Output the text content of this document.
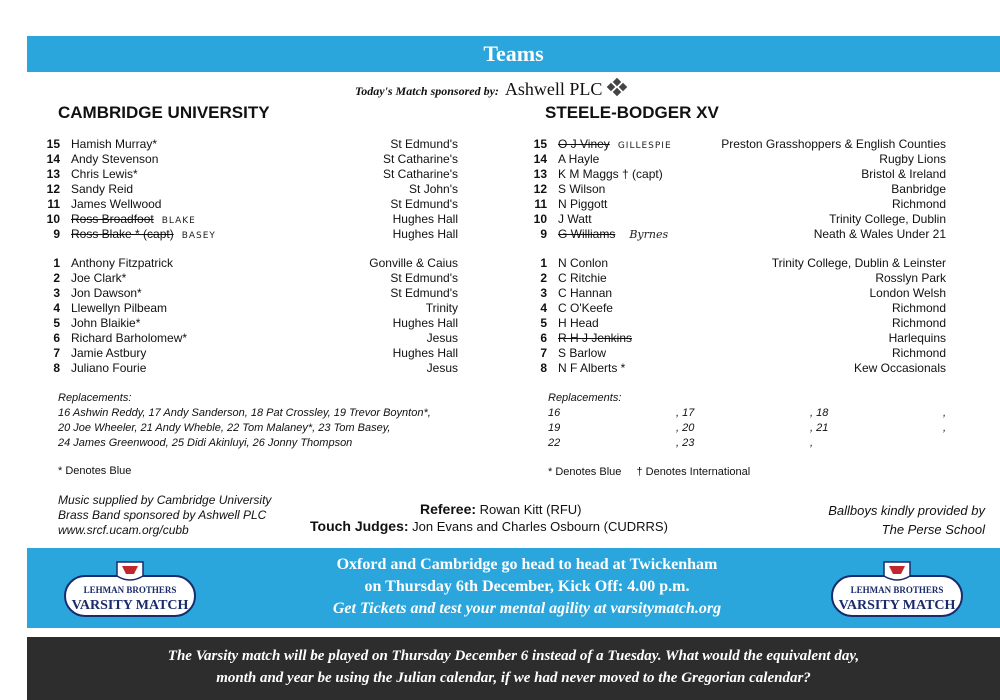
Teams
Today's Match sponsored by: Ashwell PLC
CAMBRIDGE UNIVERSITY	STEELE-BODGER XV
15 Hamish Murray*	St Edmund's
14 Andy Stevenson	St Catharine's
13 Chris Lewis*	St Catharine's
12 Sandy Reid	St John's
11 James Wellwood	St Edmund's
10 Ross Broadfoot BLAKE	Hughes Hall
9 Ross Blake * (capt) BASEY	Hughes Hall
1 Anthony Fitzpatrick	Gonville & Caius
2 Joe Clark*	St Edmund's
3 Jon Dawson*	St Edmund's
4 Llewellyn Pilbeam	Trinity
5 John Blaikie*	Hughes Hall
6 Richard Barholomew*	Jesus
7 Jamie Astbury	Hughes Hall
8 Juliano Fourie	Jesus
15 O J Viney GILLESPIE	Preston Grasshoppers & English Counties
14 A Hayle	Rugby Lions
13 K M Maggs † (capt)	Bristol & Ireland
12 S Wilson	Banbridge
11 N Piggott	Richmond
10 J Watt	Trinity College, Dublin
9 G Williams Byrnes	Neath & Wales Under 21
1 N Conlon	Trinity College, Dublin & Leinster
2 C Ritchie	Rosslyn Park
3 C Hannan	London Welsh
4 C O'Keefe	Richmond
5 H Head	Richmond
6 R H J Jenkins	Harlequins
7 S Barlow	Richmond
8 N F Alberts *	Kew Occasionals
Replacements:
16 Ashwin Reddy, 17 Andy Sanderson, 18 Pat Crossley, 19 Trevor Boynton*,
20 Joe Wheeler, 21 Andy Wheble, 22 Tom Malaney*, 23 Tom Basey,
24 James Greenwood, 25 Didi Akinluyi, 26 Jonny Thompson
* Denotes Blue
Replacements:
16	, 17	, 18	,
19	, 20	, 21	,
22	, 23	,
* Denotes Blue † Denotes International
Music supplied by Cambridge University
Brass Band sponsored by Ashwell PLC
www.srcf.ucam.org/cubb
Referee: Rowan Kitt (RFU)
Touch Judges: Jon Evans and Charles Osbourn (CUDRRS)
Ballboys kindly provided by
The Perse School
LEHMAN BROTHERS
VARSITY MATCH
Oxford and Cambridge go head to head at Twickenham
on Thursday 6th December, Kick Off: 4.00 p.m.
Get Tickets and test your mental agility at varsitymatch.org
LEHMAN BROTHERS
VARSITY MATCH
The Varsity match will be played on Thursday December 6 instead of a Tuesday. What would the equivalent day,
month and year be using the Julian calendar, if we had never moved to the Gregorian calendar?
